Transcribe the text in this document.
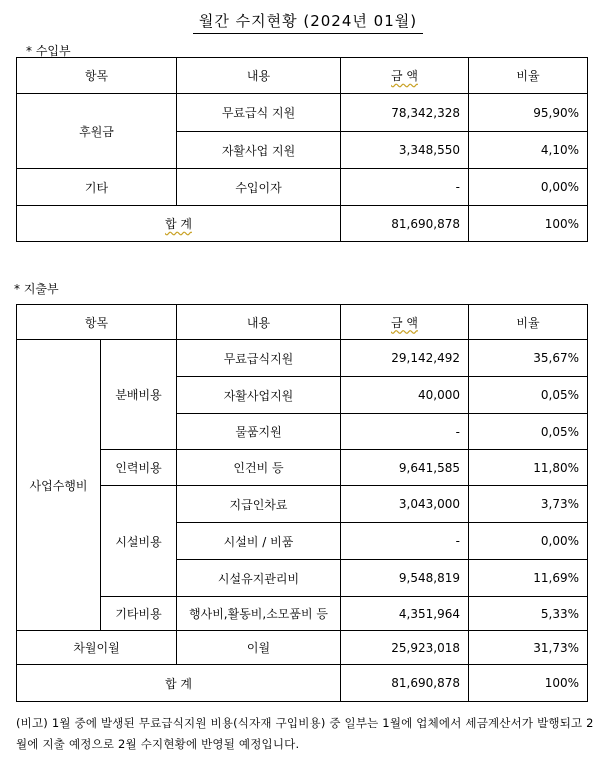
월간 수지현황 (2024년 01월)
* 수입부
항목	내용	금 액	비율
후원금	무료급식 지원	78,342,328	95,90%
	자활사업 지원	3,348,550	4,10%
기타	수입이자	-	0,00%
합 계		81,690,878	100%
* 지출부
항목		내용	금 액	비율
사업수행비	분배비용	무료급식지원	29,142,492	35,67%
		자활사업지원	40,000	0,05%
		물품지원	-	0,05%
	인력비용	인건비 등	9,641,585	11,80%
	시설비용	지급인차료	3,043,000	3,73%
		시설비 / 비품	-	0,00%
		시설유지관리비	9,548,819	11,69%
	기타비용	행사비,활동비,소모품비 등	4,351,964	5,33%
차월이월		이월	25,923,018	31,73%
합 계			81,690,878	100%
(비고) 1월 중에 발생된 무료급식지원 비용(식자재 구입비용) 중 일부는 1월에 업체에서 세금계산서가 발행되고 2월에 지출 예정으로 2월 수지현황에 반영될 예정입니다.
